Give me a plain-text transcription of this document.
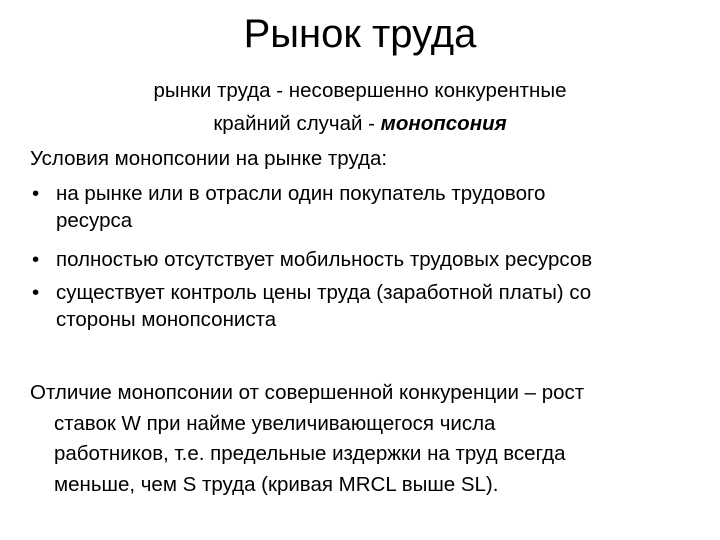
Рынок труда
рынки труда - несовершенно конкурентные
крайний случай - монопсония
Условия монопсонии на рынке труда:
• на рынке или в отрасли один покупатель трудового
ресурса
• полностью отсутствует мобильность трудовых ресурсов
• существует контроль цены труда (заработной платы) со
стороны монопсониста
Отличие монопсонии от совершенной конкуренции – рост
ставок W при найме увеличивающегося числа
работников, т.е. предельные издержки на труд всегда
меньше, чем S труда (кривая MRCL выше SL).
